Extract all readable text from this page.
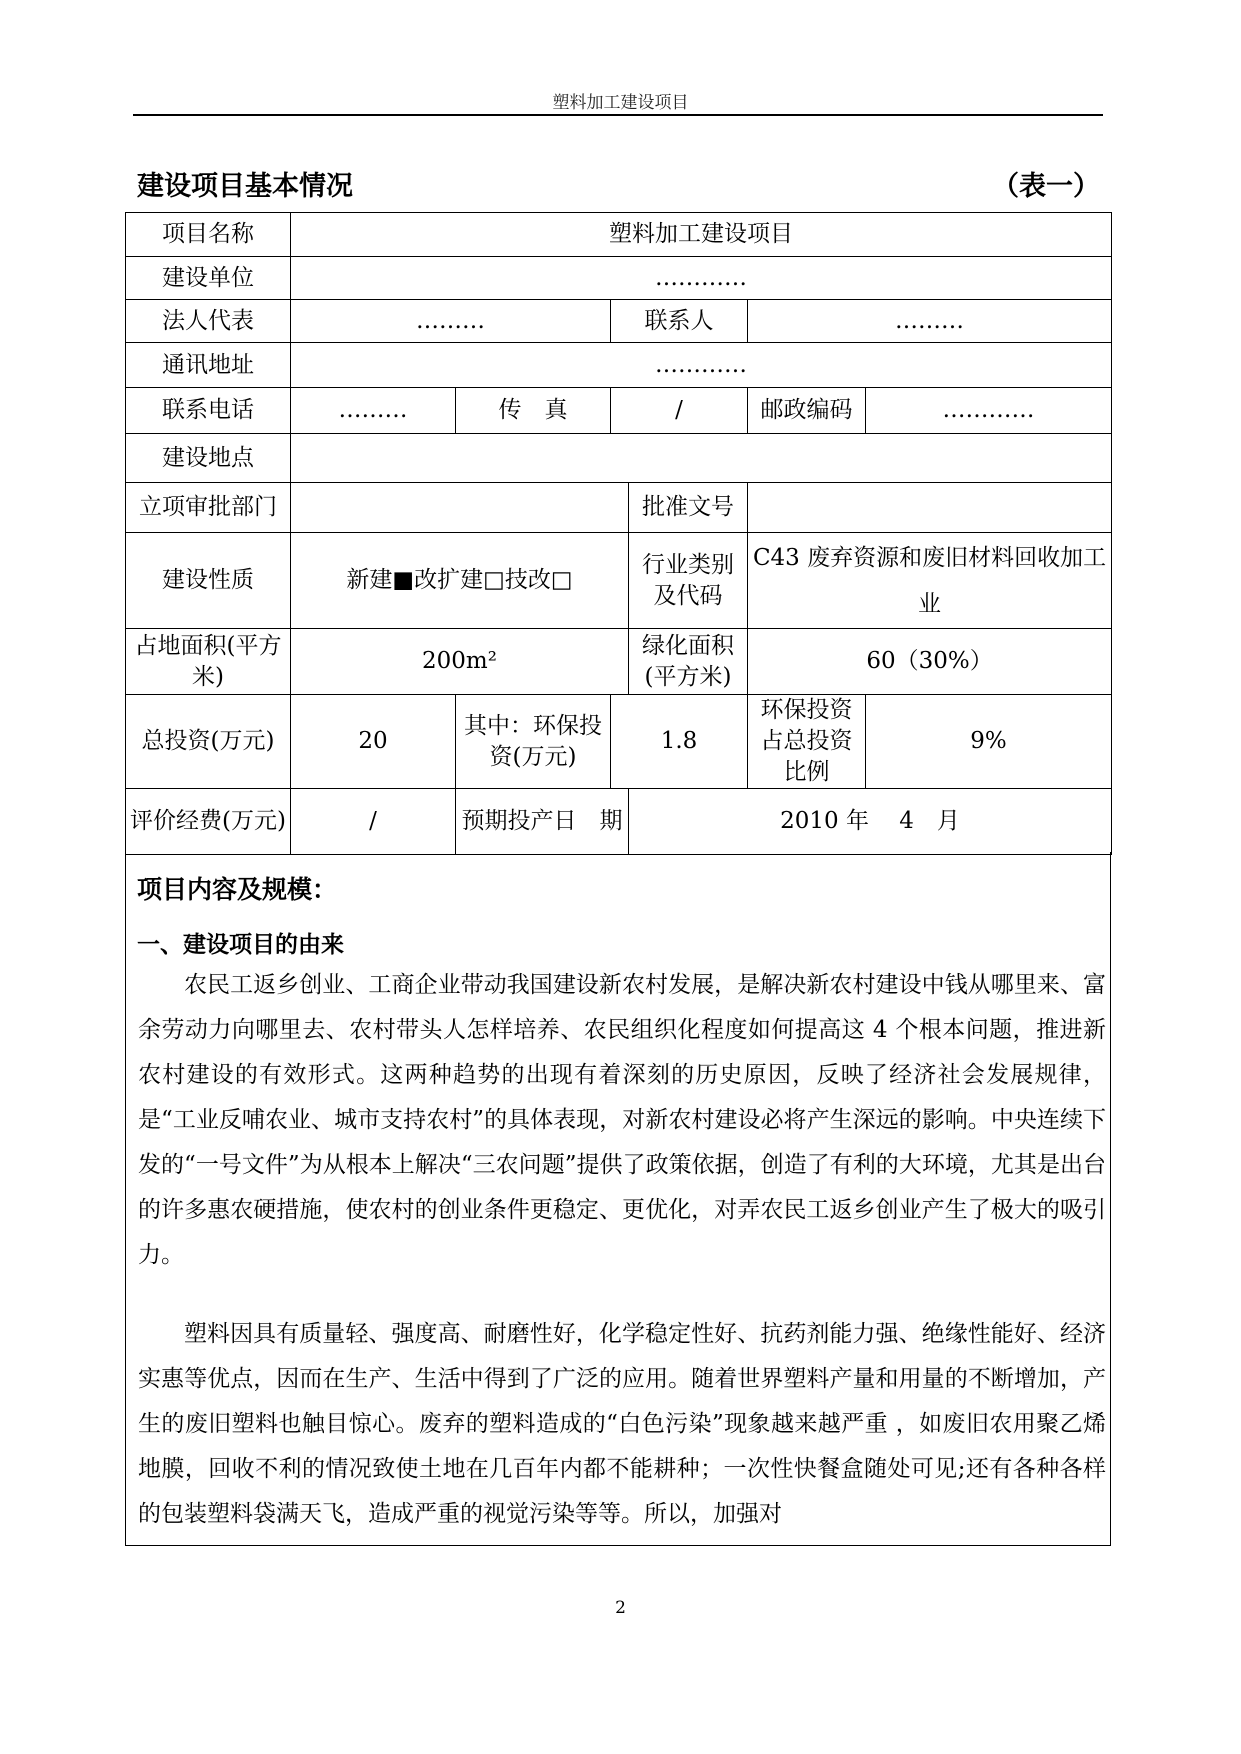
塑料加工建设项目
建设项目基本情况	（表一）
项目名称	塑料加工建设项目					
建设单位	…………					
法人代表	………		联系人		………	
通讯地址	…………					
联系电话	………	传　真	/		邮政编码	…………
建设地点						
立项审批部门				批准文号		
建设性质	新建■改扩建□技改□			行业类别及代码	C43 废弃资源和废旧材料回收加工业	
占地面积(平方米)	200m²			绿化面积(平方米)	60（30%）	
总投资(万元)	20	其中：环保投资(万元)	1.8		环保投资占总投资比例	9%
评价经费(万元)	/	预期投产日　期		2010 年　 4　月		
项目内容及规模：
一、建设项目的由来

农民工返乡创业、工商企业带动我国建设新农村发展，是解决新农村建设中钱从哪里来、富余劳动力向哪里去、农村带头人怎样培养、农民组织化程度如何提高这 4 个根本问题，推进新农村建设的有效形式。这两种趋势的出现有着深刻的历史原因，反映了经济社会发展规律，是“工业反哺农业、城市支持农村”的具体表现，对新农村建设必将产生深远的影响。中央连续下发的“一号文件”为从根本上解决“三农问题”提供了政策依据，创造了有利的大环境，尤其是出台的许多惠农硬措施，使农村的创业条件更稳定、更优化，对弄农民工返乡创业产生了极大的吸引力。

塑料因具有质量轻、强度高、耐磨性好，化学稳定性好、抗药剂能力强、绝缘性能好、经济实惠等优点，因而在生产、生活中得到了广泛的应用。随着世界塑料产量和用量的不断增加，产生的废旧塑料也触目惊心。废弃的塑料造成的“白色污染”现象越来越严重 ，如废旧农用聚乙烯地膜，回收不利的情况致使土地在几百年内都不能耕种；一次性快餐盒随处可见;还有各种各样的包装塑料袋满天飞，造成严重的视觉污染等等。所以，加强对

2
